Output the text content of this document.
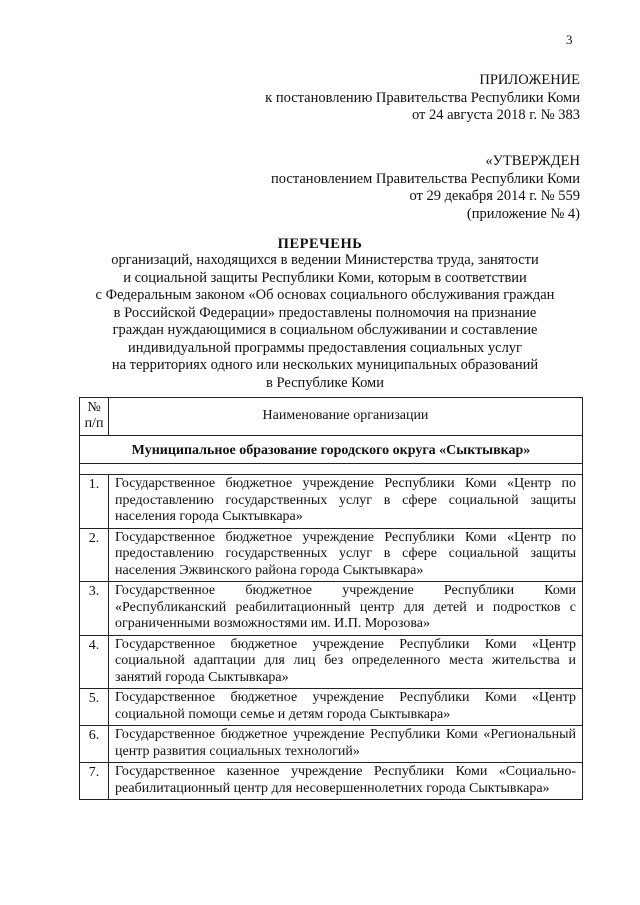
3
ПРИЛОЖЕНИЕ
к постановлению Правительства Республики Коми
от 24 августа 2018 г. № 383
«УТВЕРЖДЕН
постановлением Правительства Республики Коми
от 29 декабря 2014 г. № 559
(приложение № 4)
ПЕРЕЧЕНЬ
организаций, находящихся в ведении Министерства труда, занятости
и социальной защиты Республики Коми, которым в соответствии
с Федеральным законом «Об основах социального обслуживания граждан
в Российской Федерации» предоставлены полномочия на признание
граждан нуждающимися в социальном обслуживании и составление
индивидуальной программы предоставления социальных услуг
на территориях одного или нескольких муниципальных образований
в Республике Коми
№
п/п	Наименование организации
Муниципальное образование городского округа «Сыктывкар»	

1.	Государственное бюджетное учреждение Республики Коми «Центр по предоставлению государственных услуг в сфере социальной защиты населения города Сыктывкара»
2.	Государственное бюджетное учреждение Республики Коми «Центр по предоставлению государственных услуг в сфере социальной защиты населения Эжвинского района города Сыктывкара»
3.	Государственное бюджетное учреждение Республики Коми «Республиканский реабилитационный центр для детей и подростков с ограниченными возможностями им. И.П. Морозова»
4.	Государственное бюджетное учреждение Республики Коми «Центр социальной адаптации для лиц без определенного места жительства и занятий города Сыктывкара»
5.	Государственное бюджетное учреждение Республики Коми «Центр социальной помощи семье и детям города Сыктывкара»
6.	Государственное бюджетное учреждение Республики Коми «Региональный центр развития социальных технологий»
7.	Государственное казенное учреждение Республики Коми «Социально-реабилитационный центр для несовершеннолетних города Сыктывкара»
